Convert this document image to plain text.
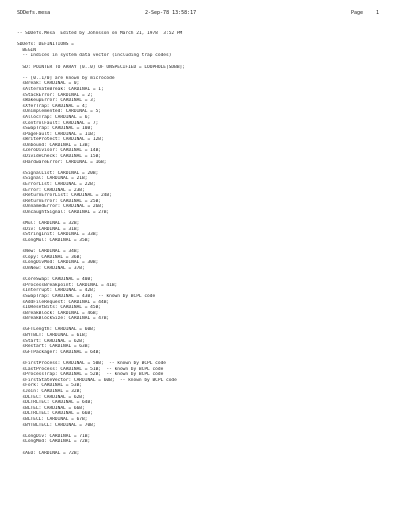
SDDefs.mesa	2-Sep-78 13:58:17	Page	1
-- SDDefs.Mesa  Edited by Johnsson on March 21, 1978  3:52 PM
SDDefs: DEFINITIONS =
BEGIN
-- Indices in system data vector (including trap codes)
SD: POINTER TO ARRAY [0..0) OF UNSPECIFIED = LOOPHOLE[SDBB];
-- [0..1/0] are known by microcode
sBreak: CARDINAL = 0;
sAlternateBreak: CARDINAL = 1;
sStackError: CARDINAL = 2;
sWakeupError: CARDINAL = 3;
sXferTrap: CARDINAL = 4;
sUnimplemented: CARDINAL = 5;
sAllocTrap: CARDINAL = 6;
sControlFault: CARDINAL = 7;
sSwapTrap: CARDINAL = 10B;
sPageFault: CARDINAL = 11B;
sWriteProtect: CARDINAL = 12B;
sUnbound: CARDINAL = 13B;
sZeroDivisor: CARDINAL = 14B;
sDivideCheck: CARDINAL = 15B;
sHardwareError: CARDINAL = 16B;
sSignalList: CARDINAL = 20B;
sSignal: CARDINAL = 21B;
sErrorList: CARDINAL = 22B;
sError: CARDINAL = 23B;
sReturnErrorList: CARDINAL = 24B;
sReturnError: CARDINAL = 25B;
sUnnamedError: CARDINAL = 26B;
sUncaughtSignal: CARDINAL = 27B;
sMul: CARDINAL = 32B;
sDiv: CARDINAL = 31B;
sStringInit: CARDINAL = 33B;
sLongMul: CARDINAL = 35B;
sNew: CARDINAL = 34B;
sCopy: CARDINAL = 36B;
sLongDivMod: CARDINAL = 30B;
sUnNew: CARDINAL = 37B;
sCoreSwap: CARDINAL = 40B;
sProcessBreakpoint: CARDINAL = 41B;
sInterrupt: CARDINAL = 42B;
sSwapTrap: CARDINAL = 43B;  -- known by BCPL code
sAddFileRequest: CARDINAL = 44B;
sIOResetBits: CARDINAL = 45B;
sBreakBlock: CARDINAL = 46B;
sBreakBlockSize: CARDINAL = 47B;
sGFTLength: CARDINAL = 60B;
sBYTBLT: CARDINAL = 61B;
sStart: CARDINAL = 62B;
sRestart: CARDINAL = 63B;
sGFTPackager: CARDINAL = 64B;
sFirstProcess: CARDINAL = 50B;  -- known by BCPL code
sLastProcess: CARDINAL = 51B;  -- known by BCPL code
sProcessTrap: CARDINAL = 52B;  -- known by BCPL code
sFirstStateVector: CARDINAL = 60B;  -- known by BCPL code
sFork: CARDINAL = 53B;
sJoin: CARDINAL = 32B;
sDLTEC: CARDINAL = 62B;
sDLTRLTEC: CARDINAL = 64B;
sBLTEL: CARDINAL = 66B;
sDLTRLTEL: CARDINAL = 66B;
sBLTECL: CARDINAL = 67B;
sBYTBLTECL: CARDINAL = 70B;
sLongDiv: CARDINAL = 71B;
sLongMod: CARDINAL = 72B;
sAEO: CARDINAL = 72B;
